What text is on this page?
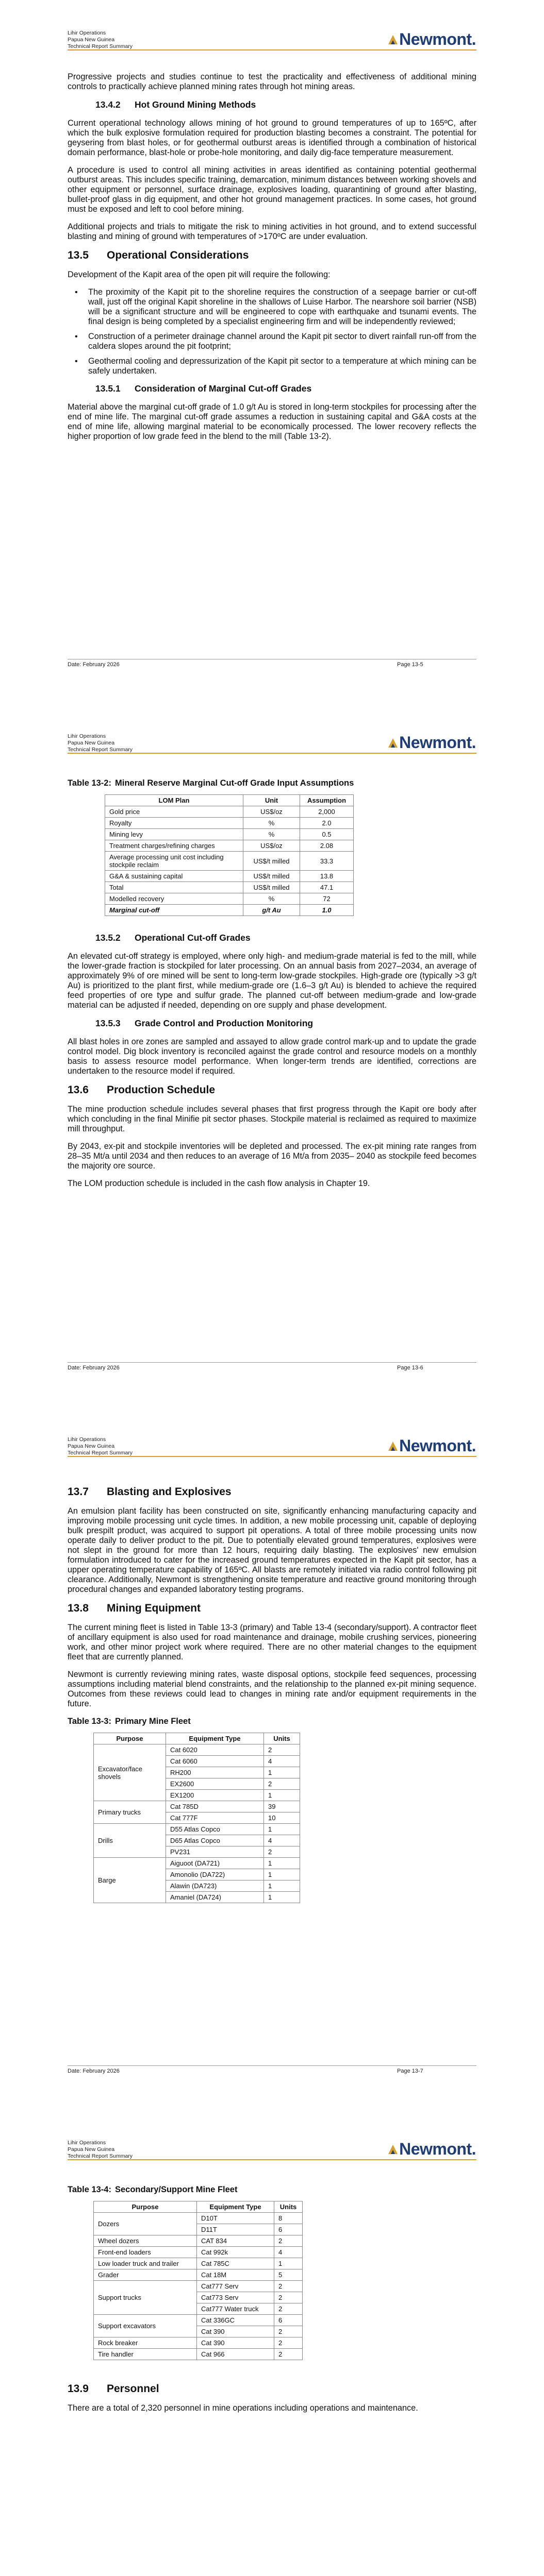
Lihir Operations
Papua New Guinea
Technical Report Summary	Newmont.

Progressive projects and studies continue to test the practicality and effectiveness of additional mining controls to practically achieve planned mining rates through hot mining areas.

13.4.2	Hot Ground Mining Methods

Current operational technology allows mining of hot ground to ground temperatures of up to 165ºC, after which the bulk explosive formulation required for production blasting becomes a constraint. The potential for geysering from blast holes, or for geothermal outburst areas is identified through a combination of historical domain performance, blast-hole or probe-hole monitoring, and daily dig-face temperature measurement.

A procedure is used to control all mining activities in areas identified as containing potential geothermal outburst areas. This includes specific training, demarcation, minimum distances between working shovels and other equipment or personnel, surface drainage, explosives loading, quarantining of ground after blasting, bullet-proof glass in dig equipment, and other hot ground management practices. In some cases, hot ground must be exposed and left to cool before mining.

Additional projects and trials to mitigate the risk to mining activities in hot ground, and to extend successful blasting and mining of ground with temperatures of >170ºC are under evaluation.

13.5	Operational Considerations

Development of the Kapit area of the open pit will require the following:

• The proximity of the Kapit pit to the shoreline requires the construction of a seepage barrier or cut-off wall, just off the original Kapit shoreline in the shallows of Luise Harbor. The nearshore soil barrier (NSB) will be a significant structure and will be engineered to cope with earthquake and tsunami events. The final design is being completed by a specialist engineering firm and will be independently reviewed;
• Construction of a perimeter drainage channel around the Kapit pit sector to divert rainfall run-off from the caldera slopes around the pit footprint;
• Geothermal cooling and depressurization of the Kapit pit sector to a temperature at which mining can be safely undertaken.
13.5.1	Consideration of Marginal Cut-off Grades

Material above the marginal cut-off grade of 1.0 g/t Au is stored in long-term stockpiles for processing after the end of mine life. The marginal cut-off grade assumes a reduction in sustaining capital and G&A costs at the end of mine life, allowing marginal material to be economically processed. The lower recovery reflects the higher proportion of low grade feed in the blend to the mill (Table 13-2).

Date: February 2026	Page 13-5
Lihir Operations
Papua New Guinea
Technical Report Summary	Newmont.
Table 13-2: Mineral Reserve Marginal Cut-off Grade Input Assumptions
LOM Plan	Unit	Assumption
Gold price	US$/oz	2,000
Royalty	%	2.0
Mining levy	%	0.5
Treatment charges/refining charges	US$/oz	2.08
Average processing unit cost including stockpile reclaim	US$/t milled	33.3
G&A & sustaining capital	US$/t milled	13.8
Total	US$/t milled	47.1
Modelled recovery	%	72
Marginal cut-off	g/t Au	1.0
13.5.2	Operational Cut-off Grades

An elevated cut-off strategy is employed, where only high- and medium-grade material is fed to the mill, while the lower-grade fraction is stockpiled for later processing. On an annual basis from 2027–2034, an average of approximately 9% of ore mined will be sent to long-term low-grade stockpiles. High-grade ore (typically >3 g/t Au) is prioritized to the plant first, while medium-grade ore (1.6–3 g/t Au) is blended to achieve the required feed properties of ore type and sulfur grade. The planned cut-off between medium-grade and low-grade material can be adjusted if needed, depending on ore supply and phase development.

13.5.3	Grade Control and Production Monitoring

All blast holes in ore zones are sampled and assayed to allow grade control mark-up and to update the grade control model. Dig block inventory is reconciled against the grade control and resource models on a monthly basis to assess resource model performance. When longer-term trends are identified, corrections are undertaken to the resource model if required.

13.6	Production Schedule

The mine production schedule includes several phases that first progress through the Kapit ore body after which concluding in the final Minifie pit sector phases. Stockpile material is reclaimed as required to maximize mill throughput.

By 2043, ex-pit and stockpile inventories will be depleted and processed. The ex-pit mining rate ranges from 28–35 Mt/a until 2034 and then reduces to an average of 16 Mt/a from 2035– 2040 as stockpile feed becomes the majority ore source.

The LOM production schedule is included in the cash flow analysis in Chapter 19.

Date: February 2026	Page 13-6
Lihir Operations
Papua New Guinea
Technical Report Summary	Newmont.
13.7	Blasting and Explosives

An emulsion plant facility has been constructed on site, significantly enhancing manufacturing capacity and improving mobile processing unit cycle times. In addition, a new mobile processing unit, capable of deploying bulk prespilt product, was acquired to support pit operations. A total of three mobile processing units now operate daily to deliver product to the pit. Due to potentially elevated ground temperatures, explosives were not slept in the ground for more than 12 hours, requiring daily blasting. The explosives' new emulsion formulation introduced to cater for the increased ground temperatures expected in the Kapit pit sector, has a upper operating temperature capability of 165ºC. All blasts are remotely initiated via radio control following pit clearance. Additionally, Newmont is strengthening onsite temperature and reactive ground monitoring through procedural changes and expanded laboratory testing programs.

13.8	Mining Equipment

The current mining fleet is listed in Table 13-3 (primary) and Table 13-4 (secondary/support). A contractor fleet of ancillary equipment is also used for road maintenance and drainage, mobile crushing services, pioneering work, and other minor project work where required. There are no other material changes to the equipment fleet that are currently planned.

Newmont is currently reviewing mining rates, waste disposal options, stockpile feed sequences, processing assumptions including material blend constraints, and the relationship to the planned ex-pit mining sequence. Outcomes from these reviews could lead to changes in mining rate and/or equipment requirements in the future.

Table 13-3: Primary Mine Fleet
Purpose	Equipment Type	Units
Excavator/face shovels	Cat 6020	2
	Cat 6060	4
	RH200	1
	EX2600	2
	EX1200	1
Primary trucks	Cat 785D	39
	Cat 777F	10
Drills	D55 Atlas Copco	1
	D65 Atlas Copco	4
	PV231	2
Barge	Aiguoot (DA721)	1
	Amonolio (DA722)	1
	Alawin (DA723)	1
	Amaniel (DA724)	1
Date: February 2026	Page 13-7
Lihir Operations
Papua New Guinea
Technical Report Summary	Newmont.
Table 13-4: Secondary/Support Mine Fleet
Purpose	Equipment Type	Units
Dozers	D10T	8
	D11T	6
Wheel dozers	CAT 834	2
Front-end loaders	Cat 992k	4
Low loader truck and trailer	Cat 785C	1
Grader	Cat 18M	5
Support trucks	Cat777 Serv	2
	Cat773 Serv	2
	Cat777 Water truck	2
Support excavators	Cat 336GC	6
	Cat 390	2
Rock breaker	Cat 390	2
Tire handler	Cat 966	2
13.9	Personnel

There are a total of 2,320 personnel in mine operations including operations and maintenance.
